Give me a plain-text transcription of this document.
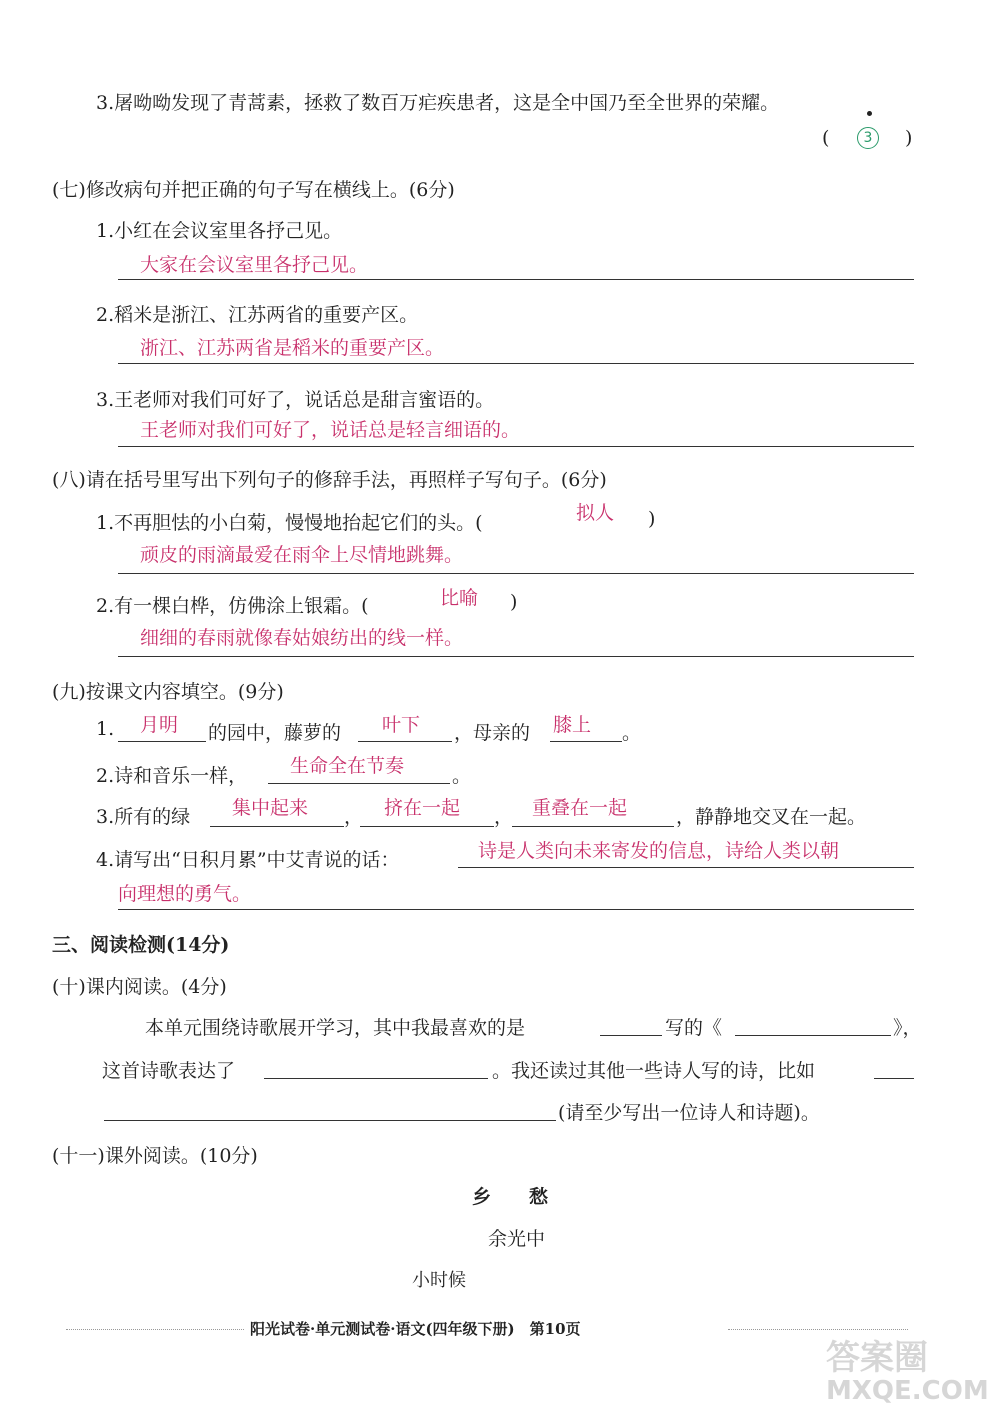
3.屠呦呦发现了青蒿素，拯救了数百万疟疾患者，这是全中国乃至全世界的荣耀。
(	3	)
(七)修改病句并把正确的句子写在横线上。(6分)
1.小红在会议室里各抒己见。
大家在会议室里各抒己见。
2.稻米是浙江、江苏两省的重要产区。
浙江、江苏两省是稻米的重要产区。
3.王老师对我们可好了，说话总是甜言蜜语的。
王老师对我们可好了，说话总是轻言细语的。
(八)请在括号里写出下列句子的修辞手法，再照样子写句子。(6分)
1.不再胆怯的小白菊，慢慢地抬起它们的头。(	拟人 )
顽皮的雨滴最爱在雨伞上尽情地跳舞。
2.有一棵白桦，仿佛涂上银霜。(	比喻 )
细细的春雨就像春姑娘纺出的线一样。
(九)按课文内容填空。(9分)
1. 月明 的园中，藤萝的 叶下 ，母亲的 膝上 。
2.诗和音乐一样， 生命全在节奏	。
3.所有的绿 集中起来 ， 挤在一起 ， 重叠在一起	，静静地交叉在一起。
4.请写出“日积月累”中艾青说的话：	诗是人类向未来寄发的信息，诗给人类以朝
向理想的勇气。
三、阅读检测(14分)
(十)课内阅读。(4分)
本单元围绕诗歌展开学习，其中我最喜欢的是	写的《	》，
这首诗歌表达了	。我还读过其他一些诗人写的诗，比如
(请至少写出一位诗人和诗题)。
(十一)课外阅读。(10分)
乡　　愁
余光中
小时候
阳光试卷·单元测试卷·语文(四年级下册)　第10页
答案圈
MXQE.COM
